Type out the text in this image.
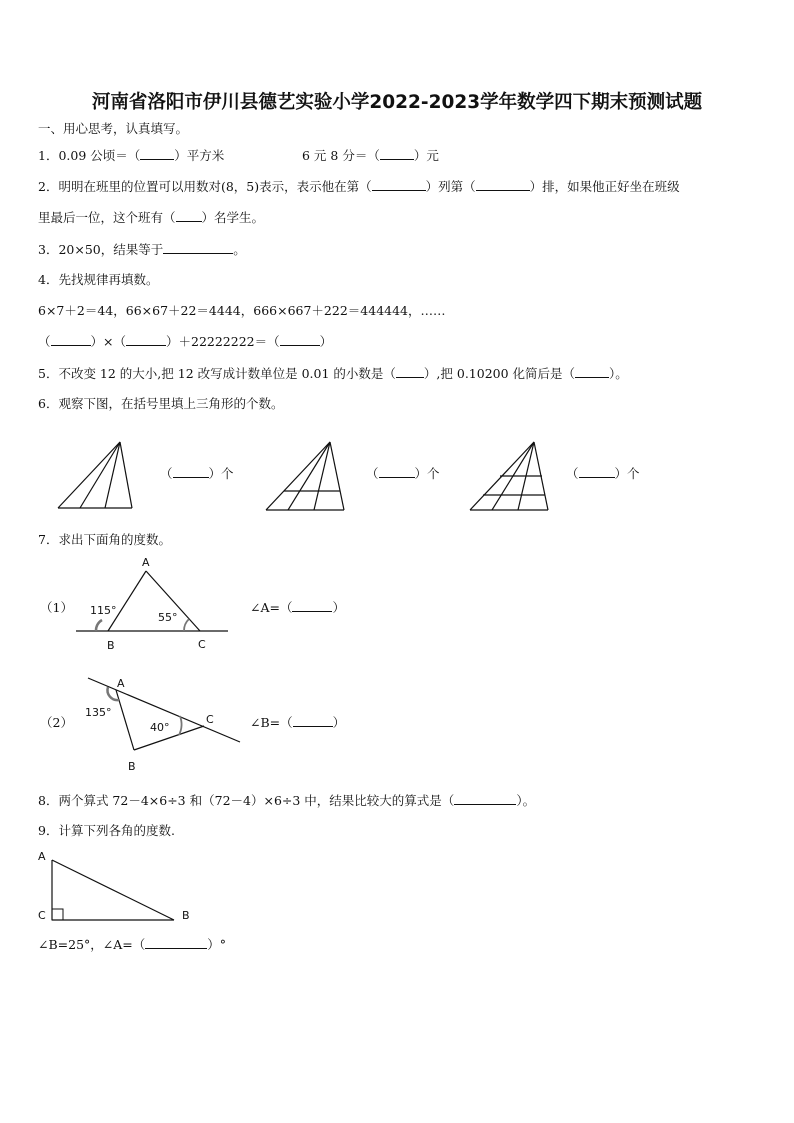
河南省洛阳市伊川县德艺实验小学2022-2023学年数学四下期末预测试题
一、用心思考，认真填写。
1．0.09 公顷＝（	）平方米	6 元 8 分＝（	）元
2．明明在班里的位置可以用数对(8，5)表示，表示他在第（	）列第（	）排，如果他正好坐在班级
里最后一位，这个班有（ ）名学生。
3．20×50，结果等于	。
4．先找规律再填数。
6×7＋2＝44，66×67＋22＝4444，666×667＋222＝444444，……
（	）×（	）＋22222222＝（	）
5．不改变 12 的大小,把 12 改写成计数单位是 0.01 的小数是（ ）,把 0.10200 化简后是（	）。
6．观察下图，在括号里填上三角形的个数。
（	）个	（	）个	（	）个
7．求出下面角的度数。
（1）
A
B	C
115°
55°
∠A=（	）
（2）
A
B
C
135°
40°	∠B=（	）
8．两个算式 72－4×6÷3 和（72－4）×6÷3 中，结果比较大的算式是（	）。
9．计算下列各角的度数.
A
C	B
∠B=25°，∠A=（	）°
